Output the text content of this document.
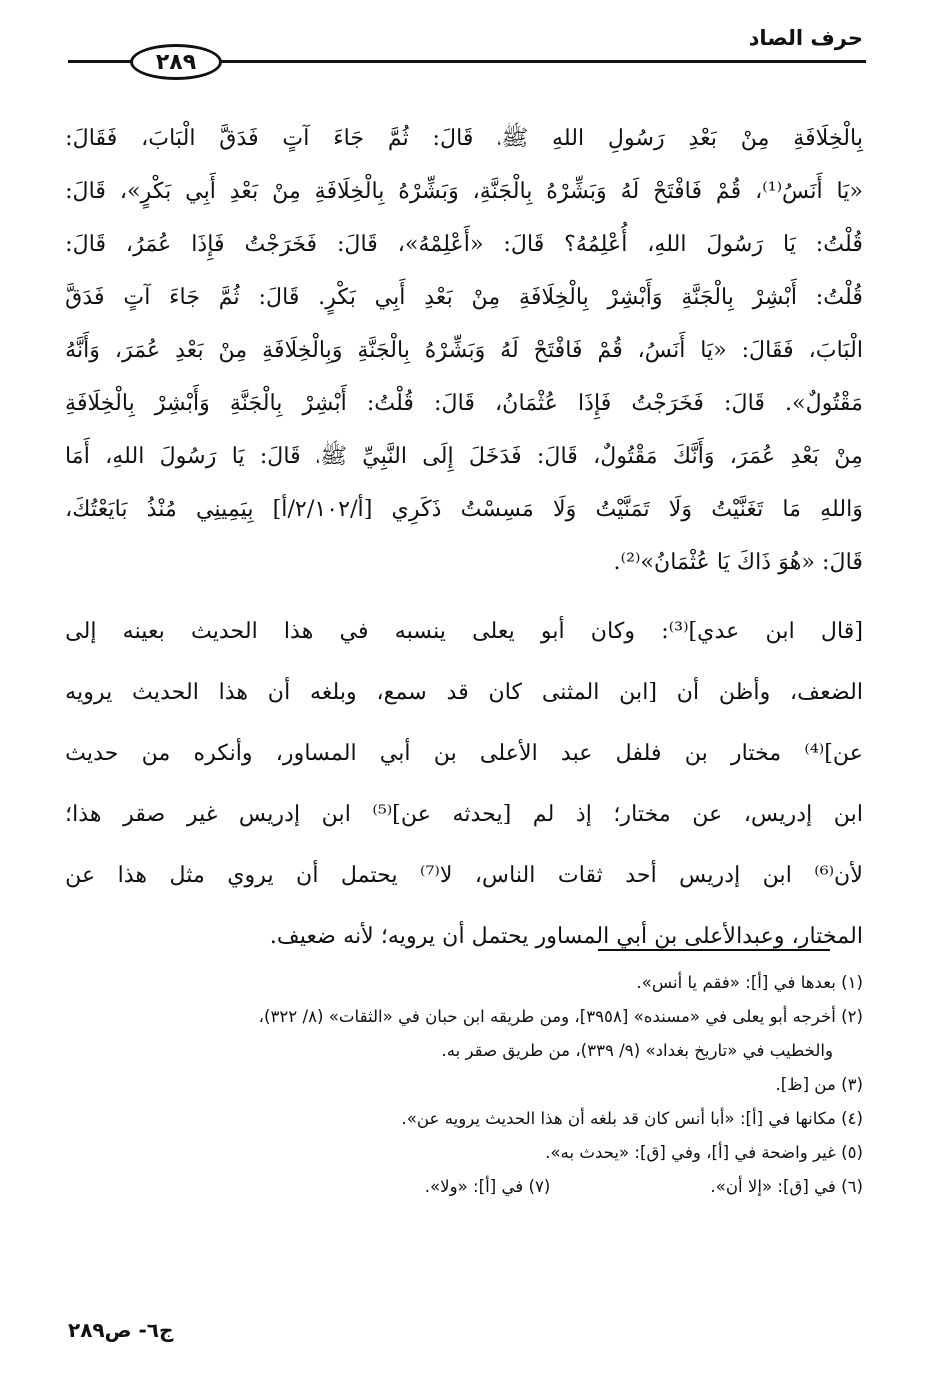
حرف الصاد
٢٨٩
بِالْخِلَافَةِ
مِنْ
بَعْدِ
رَسُولِ
اللهِ
ﷺ،
قَالَ:
ثُمَّ
جَاءَ
آتٍ
فَدَقَّ
الْبَابَ،
فَقَالَ:
«يَا
أَنَسُ⁽¹⁾،
قُمْ
فَافْتَحْ
لَهُ
وَبَشِّرْهُ
بِالْجَنَّةِ،
وَبَشِّرْهُ
بِالْخِلَافَةِ
مِنْ
بَعْدِ
أَبِي
بَكْرٍ»،
قَالَ:
قُلْتُ:
يَا
رَسُولَ
اللهِ،
أُعْلِمُهُ؟
قَالَ:
«أَعْلِمْهُ»،
قَالَ:
فَخَرَجْتُ
فَإِذَا
عُمَرُ،
قَالَ:
قُلْتُ:
أَبْشِرْ
بِالْجَنَّةِ
وَأَبْشِرْ
بِالْخِلَافَةِ
مِنْ
بَعْدِ
أَبِي
بَكْرٍ.
قَالَ:
ثُمَّ
جَاءَ
آتٍ
فَدَقَّ
الْبَابَ،
فَقَالَ:
«يَا
أَنَسُ،
قُمْ
فَافْتَحْ
لَهُ
وَبَشِّرْهُ
بِالْجَنَّةِ
وَبِالْخِلَافَةِ
مِنْ
بَعْدِ
عُمَرَ،
وَأَنَّهُ
مَقْتُولٌ».
قَالَ:
فَخَرَجْتُ
فَإِذَا
عُثْمَانُ،
قَالَ:
قُلْتُ:
أَبْشِرْ
بِالْجَنَّةِ
وَأَبْشِرْ
بِالْخِلَافَةِ
مِنْ
بَعْدِ
عُمَرَ،
وَأَنَّكَ
مَقْتُولٌ،
قَالَ:
فَدَخَلَ
إِلَى
النَّبِيِّ
ﷺ،
قَالَ:
يَا
رَسُولَ
اللهِ،
أَمَا
وَاللهِ
مَا
تَغَنَّيْتُ
وَلَا
تَمَنَّيْتُ
وَلَا
مَسِسْتُ
ذَكَرِي
[أ/٢/١٠٢/أ]
بِيَمِينِي
مُنْذُ
بَايَعْتُكَ،
قَالَ: «هُوَ ذَاكَ يَا عُثْمَانُ»⁽²⁾.
[قال
ابن
عدي]⁽³⁾:
وكان
أبو
يعلى
ينسبه
في
هذا
الحديث
بعينه
إلى
الضعف،
وأظن
أن
[ابن
المثنى
كان
قد
سمع،
وبلغه
أن
هذا
الحديث
يرويه
عن]⁽⁴⁾
مختار
بن
فلفل
عبد
الأعلى
بن
أبي
المساور،
وأنكره
من
حديث
ابن
إدريس،
عن
مختار؛
إذ
لم
[يحدثه
عن]⁽⁵⁾
ابن
إدريس
غير
صقر
هذا؛
لأن⁽⁶⁾
ابن
إدريس
أحد
ثقات
الناس،
لا⁽⁷⁾
يحتمل
أن
يروي
مثل
هذا
عن
المختار، وعبدالأعلى بن أبي المساور يحتمل أن يرويه؛ لأنه ضعيف.
(١) بعدها في [أ]: «فقم يا أنس».
(٢) أخرجه أبو يعلى في «مسنده» [٣٩٥٨]، ومن طريقه ابن حبان في «الثقات» (٨/ ٣٢٢)،
والخطيب في «تاريخ بغداد» (٩/ ٣٣٩)، من طريق صقر به.
(٣) من [ظ].
(٤) مكانها في [أ]: «أبا أنس كان قد بلغه أن هذا الحديث يرويه عن».
(٥) غير واضحة في [أ]، وفي [ق]: «يحدث به».
(٦) في [ق]: «إلا أن».
(٧) في [أ]: «ولا».
ج٦- ص٢٨٩
